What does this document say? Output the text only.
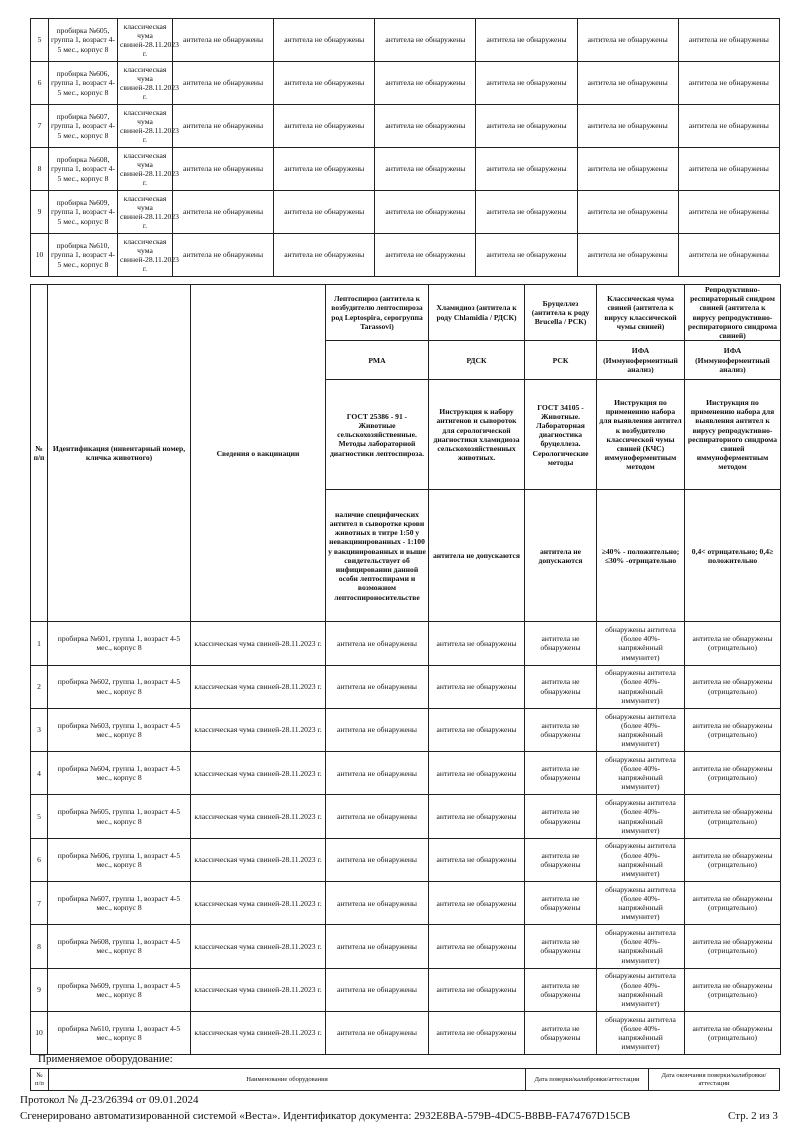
5	пробирка №605, группа 1, возраст 4-5 мес., корпус 8	классическая чума свиней-28.11.2023 г.	антитела не обнаружены	антитела не обнаружены	антитела не обнаружены	антитела не обнаружены	антитела не обнаружены	антитела не обнаружены
6	пробирка №606, группа 1, возраст 4-5 мес., корпус 8	классическая чума свиней-28.11.2023 г.	антитела не обнаружены	антитела не обнаружены	антитела не обнаружены	антитела не обнаружены	антитела не обнаружены	антитела не обнаружены
7	пробирка №607, группа 1, возраст 4-5 мес., корпус 8	классическая чума свиней-28.11.2023 г.	антитела не обнаружены	антитела не обнаружены	антитела не обнаружены	антитела не обнаружены	антитела не обнаружены	антитела не обнаружены
8	пробирка №608, группа 1, возраст 4-5 мес., корпус 8	классическая чума свиней-28.11.2023 г.	антитела не обнаружены	антитела не обнаружены	антитела не обнаружены	антитела не обнаружены	антитела не обнаружены	антитела не обнаружены
9	пробирка №609, группа 1, возраст 4-5 мес., корпус 8	классическая чума свиней-28.11.2023 г.	антитела не обнаружены	антитела не обнаружены	антитела не обнаружены	антитела не обнаружены	антитела не обнаружены	антитела не обнаружены
10	пробирка №610, группа 1, возраст 4-5 мес., корпус 8	классическая чума свиней-28.11.2023 г.	антитела не обнаружены	антитела не обнаружены	антитела не обнаружены	антитела не обнаружены	антитела не обнаружены	антитела не обнаружены
№ п/п	Идентификация (инвентарный номер, кличка животного)	Сведения о вакцинации	Лептоспироз (антитела к возбудителю лептоспироза род Leptospira, серогруппа Tarassovi)	Хламидиоз (антитела к роду Chlamidia / РДСК)	Бруцеллез (антитела к роду Brucella / РСК)	Классическая чума свиней (антитела к вирусу классической чумы свиней)	Репродуктивно-респираторный синдром свиней (антитела к вирусу репродуктивно-респираторного синдрома свиней)
			РМА	РДСК	РСК	ИФА (Иммуноферментный анализ)	ИФА (Иммуноферментный анализ)
			ГОСТ 25386 - 91 - Животные сельскохозяйственные. Методы лабораторной диагностики лептоспироза.	Инструкция к набору антигенов и сывороток для серологической диагностики хламидиоза сельскохозяйственных животных.	ГОСТ 34105 - Животные. Лабораторная диагностика бруцеллеза. Серологические методы	Инструкция по применению набора для выявления антител к возбудителю классической чумы свиней (КЧС) иммуноферментным методом	Инструкция по применению набора для выявления антител к вирусу репродуктивно-респираторного синдрома свиней иммуноферментным методом
			наличие специфических антител в сыворотке крови животных в титре 1:50 у невакцинированных - 1:100 у вакцинированных и выше свидетельствует об инфицировании данной особи лептоспирами и возможном лептоспироносительстве	антитела не допускаются	антитела не допускаются	≥40% - положительно; ≤30% -отрицательно	0,4< отрицательно; 0,4≥ положительно
1	пробирка №601, группа 1, возраст 4-5 мес., корпус 8	классическая чума свиней-28.11.2023 г.	антитела не обнаружены	антитела не обнаружены	антитела не обнаружены	обнаружены антитела (более 40%-напряжённый иммунитет)	антитела не обнаружены (отрицательно)
2	пробирка №602, группа 1, возраст 4-5 мес., корпус 8	классическая чума свиней-28.11.2023 г.	антитела не обнаружены	антитела не обнаружены	антитела не обнаружены	обнаружены антитела (более 40%-напряжённый иммунитет)	антитела не обнаружены (отрицательно)
3	пробирка №603, группа 1, возраст 4-5 мес., корпус 8	классическая чума свиней-28.11.2023 г.	антитела не обнаружены	антитела не обнаружены	антитела не обнаружены	обнаружены антитела (более 40%-напряжённый иммунитет)	антитела не обнаружены (отрицательно)
4	пробирка №604, группа 1, возраст 4-5 мес., корпус 8	классическая чума свиней-28.11.2023 г.	антитела не обнаружены	антитела не обнаружены	антитела не обнаружены	обнаружены антитела (более 40%-напряжённый иммунитет)	антитела не обнаружены (отрицательно)
5	пробирка №605, группа 1, возраст 4-5 мес., корпус 8	классическая чума свиней-28.11.2023 г.	антитела не обнаружены	антитела не обнаружены	антитела не обнаружены	обнаружены антитела (более 40%-напряжённый иммунитет)	антитела не обнаружены (отрицательно)
6	пробирка №606, группа 1, возраст 4-5 мес., корпус 8	классическая чума свиней-28.11.2023 г.	антитела не обнаружены	антитела не обнаружены	антитела не обнаружены	обнаружены антитела (более 40%-напряжённый иммунитет)	антитела не обнаружены (отрицательно)
7	пробирка №607, группа 1, возраст 4-5 мес., корпус 8	классическая чума свиней-28.11.2023 г.	антитела не обнаружены	антитела не обнаружены	антитела не обнаружены	обнаружены антитела (более 40%-напряжённый иммунитет)	антитела не обнаружены (отрицательно)
8	пробирка №608, группа 1, возраст 4-5 мес., корпус 8	классическая чума свиней-28.11.2023 г.	антитела не обнаружены	антитела не обнаружены	антитела не обнаружены	обнаружены антитела (более 40%-напряжённый иммунитет)	антитела не обнаружены (отрицательно)
9	пробирка №609, группа 1, возраст 4-5 мес., корпус 8	классическая чума свиней-28.11.2023 г.	антитела не обнаружены	антитела не обнаружены	антитела не обнаружены	обнаружены антитела (более 40%-напряжённый иммунитет)	антитела не обнаружены (отрицательно)
10	пробирка №610, группа 1, возраст 4-5 мес., корпус 8	классическая чума свиней-28.11.2023 г.	антитела не обнаружены	антитела не обнаружены	антитела не обнаружены	обнаружены антитела (более 40%-напряжённый иммунитет)	антитела не обнаружены (отрицательно)
Применяемое оборудование:
№ п/п	Наименование оборудования	Дата поверки/калибровки/аттестации	Дата окончания поверки/калибровки/аттестации
Протокол № Д-23/26394 от 09.01.2024
Сгенерировано автоматизированной системой «Веста». Идентификатор документа: 2932E8BA-579B-4DC5-B8BB-FA74767D15CB	Стр. 2 из 3
